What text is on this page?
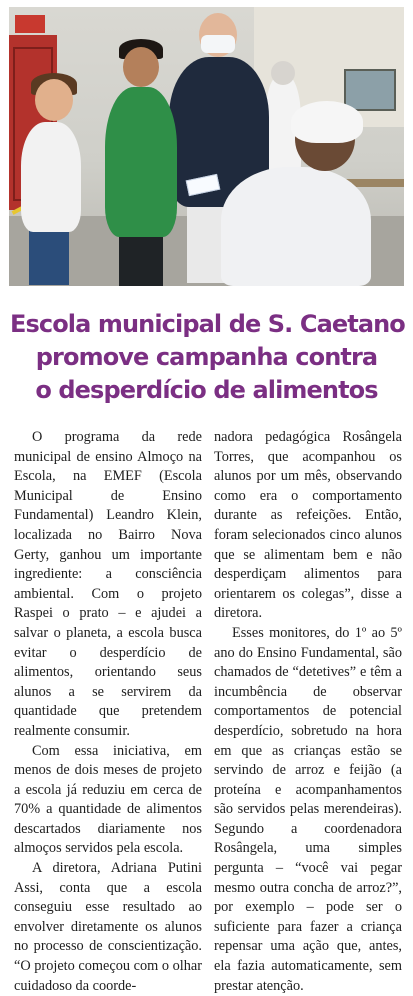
Escola municipal de S. Caetano
promove campanha contra
o desperdício de alimentos

O programa da rede municipal de ensino Almoço na Escola, na EMEF (Escola Municipal de Ensino Fundamental) Leandro Klein, localizada no Bairro Nova Gerty, ganhou um importante ingrediente: a consciência ambiental. Com o projeto Raspei o prato – e ajudei a salvar o planeta, a escola busca evitar o desperdício de alimentos, orientando seus alunos a se servirem da quantidade que pretendem realmente consumir.

Com essa iniciativa, em menos de dois meses de projeto a escola já reduziu em cerca de 70% a quantidade de alimentos descartados diariamente nos almoços servidos pela escola.

A diretora, Adriana Putini Assi, conta que a escola conseguiu esse resultado ao envolver diretamente os alunos no processo de conscientização. “O projeto começou com o olhar cuidadoso da coorde-

nadora pedagógica Rosângela Torres, que acompanhou os alunos por um mês, observando como era o comportamento durante as refeições. Então, foram selecionados cinco alunos que se alimentam bem e não desperdiçam alimentos para orientarem os colegas”, disse a diretora.

Esses monitores, do 1º ao 5º ano do Ensino Fundamental, são chamados de “detetives” e têm a incumbência de observar comportamentos de potencial desperdício, sobretudo na hora em que as crianças estão se servindo de arroz e feijão (a proteína e acompanhamentos são servidos pelas merendeiras). Segundo a coordenadora Rosângela, uma simples pergunta – “você vai pegar mesmo outra concha de arroz?”, por exemplo – pode ser o suficiente para fazer a criança repensar uma ação que, antes, ela fazia automaticamente, sem prestar atenção.
